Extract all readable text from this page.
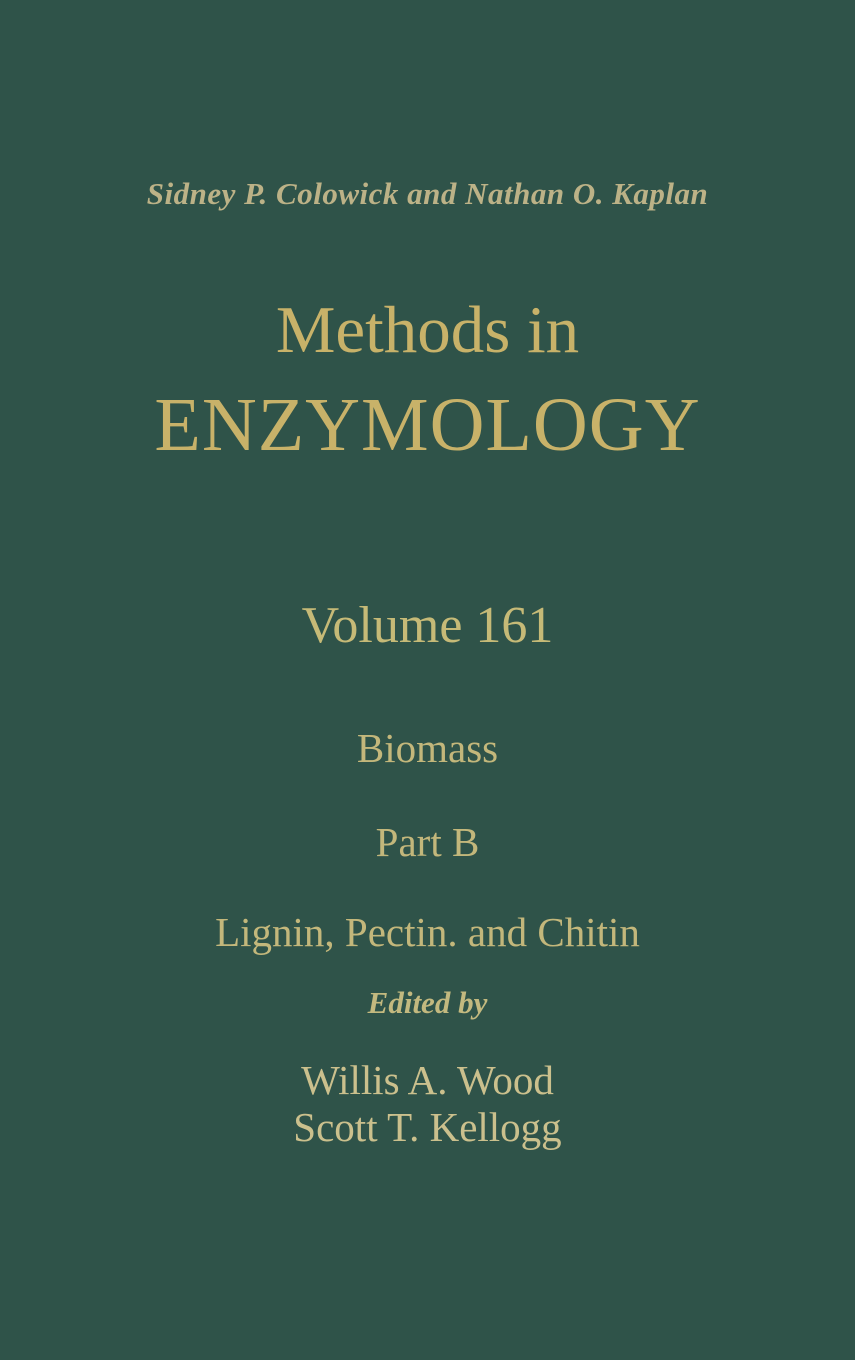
Sidney P. Colowick and Nathan O. Kaplan
Methods in
ENZYMOLOGY
Volume 161
Biomass
Part B
Lignin, Pectin. and Chitin
Edited by
Willis A. Wood
Scott T. Kellogg
